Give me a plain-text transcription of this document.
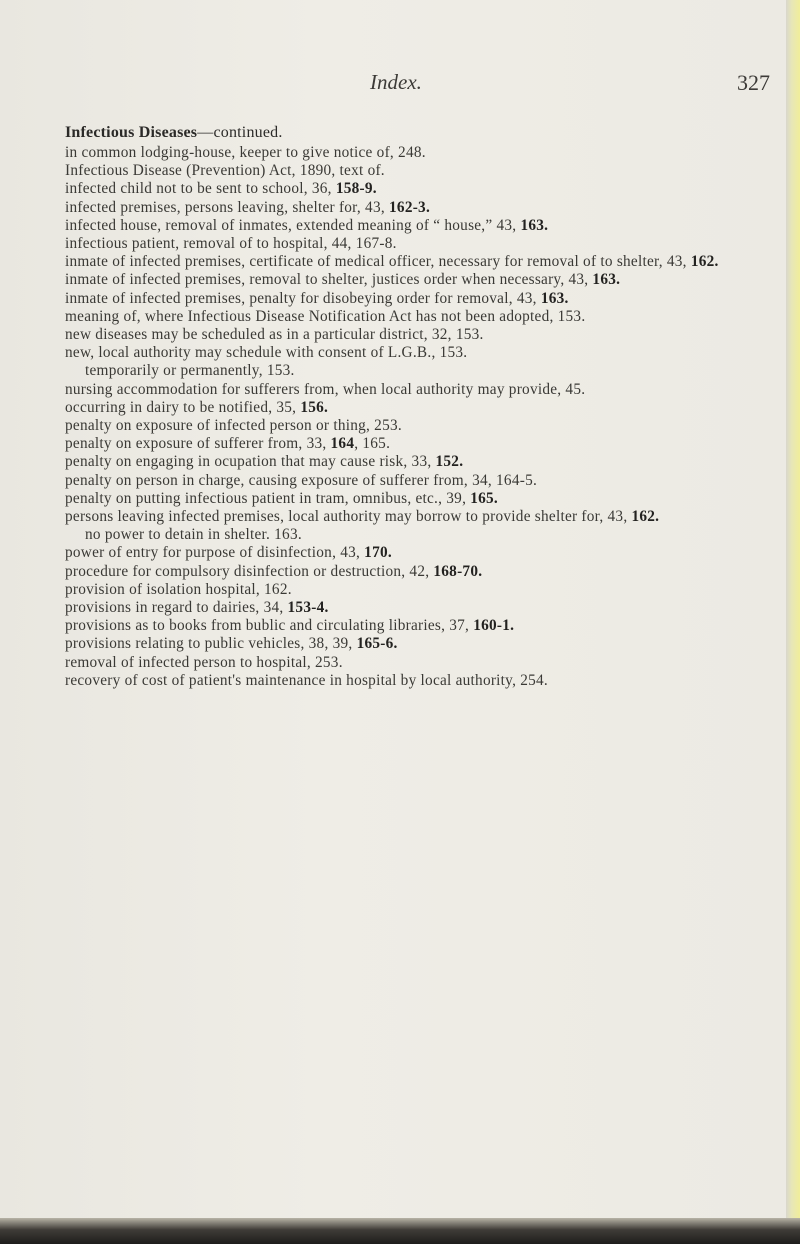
Index.	327

Infectious Diseases—continued.

in common lodging-house, keeper to give notice of, 248.

Infectious Disease (Prevention) Act, 1890, text of.

infected child not to be sent to school, 36, 158-9.

infected premises, persons leaving, shelter for, 43, 162-3.

infected house, removal of inmates, extended meaning of “ house,” 43, 163.

infectious patient, removal of to hospital, 44, 167-8.

inmate of infected premises, certificate of medical officer, necessary for removal of to shelter, 43, 162.

inmate of infected premises, removal to shelter, justices order when necessary, 43, 163.

inmate of infected premises, penalty for disobeying order for removal, 43, 163.

meaning of, where Infectious Disease Notification Act has not been adopted, 153.

new diseases may be scheduled as in a particular district, 32, 153.

new, local authority may schedule with consent of L.G.B., 153.

temporarily or permanently, 153.

nursing accommodation for sufferers from, when local authority may provide, 45.

occurring in dairy to be notified, 35, 156.

penalty on exposure of infected person or thing, 253.

penalty on exposure of sufferer from, 33, 164, 165.

penalty on engaging in ocupation that may cause risk, 33, 152.

penalty on person in charge, causing exposure of sufferer from, 34, 164-5.

penalty on putting infectious patient in tram, omnibus, etc., 39, 165.

persons leaving infected premises, local authority may borrow to provide shelter for, 43, 162.

no power to detain in shelter. 163.

power of entry for purpose of disinfection, 43, 170.

procedure for compulsory disinfection or destruction, 42, 168-70.

provision of isolation hospital, 162.

provisions in regard to dairies, 34, 153-4.

provisions as to books from bublic and circulating libraries, 37, 160-1.

provisions relating to public vehicles, 38, 39, 165-6.

removal of infected person to hospital, 253.

recovery of cost of patient's maintenance in hospital by local authority, 254.
